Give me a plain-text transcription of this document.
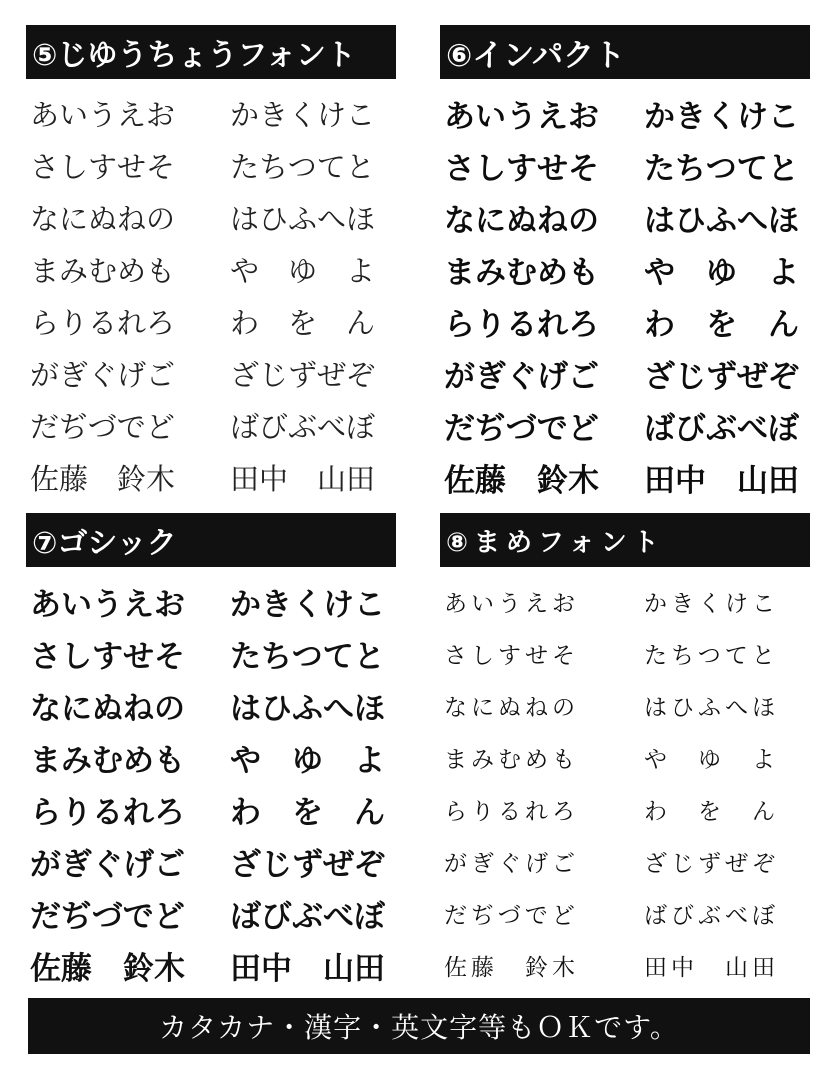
⑤じゆうちょうフォント
あいうえお	かきくけこ
さしすせそ	たちつてと
なにぬねの	はひふへほ
まみむめも	や　ゆ　よ
らりるれろ	わ　を　ん
がぎぐげご	ざじずぜぞ
だぢづでど	ばびぶべぼ
佐藤　鈴木	田中　山田
⑥インパクト
あいうえお	かきくけこ
さしすせそ	たちつてと
なにぬねの	はひふへほ
まみむめも	や　ゆ　よ
らりるれろ	わ　を　ん
がぎぐげご	ざじずぜぞ
だぢづでど	ばびぶべぼ
佐藤　鈴木	田中　山田
⑦ゴシック
あいうえお	かきくけこ
さしすせそ	たちつてと
なにぬねの	はひふへほ
まみむめも	や　ゆ　よ
らりるれろ	わ　を　ん
がぎぐげご	ざじずぜぞ
だぢづでど	ばびぶべぼ
佐藤　鈴木	田中　山田
⑧まめフォント
あいうえお	かきくけこ
さしすせそ	たちつてと
なにぬねの	はひふへほ
まみむめも	や　ゆ　よ
らりるれろ	わ　を　ん
がぎぐげご	ざじずぜぞ
だぢづでど	ばびぶべぼ
佐藤　鈴木	田中　山田
カタカナ・漢字・英文字等もＯＫです。
